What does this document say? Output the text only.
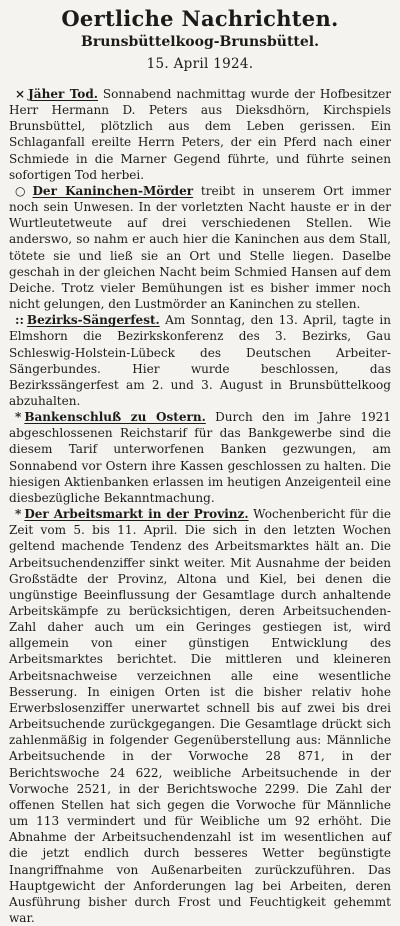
Oertliche Nachrichten.
Brunsbüttelkoog-Brunsbüttel.
15. April 1924.

× Jäher Tod. Sonnabend nachmittag wurde der Hofbesitzer Herr Hermann D. Peters aus Dieksdhörn, Kirchspiels Brunsbüttel, plötzlich aus dem Leben gerissen. Ein Schlaganfall ereilte Herrn Peters, der ein Pferd nach einer Schmiede in die Marner Gegend führte, und führte seinen sofortigen Tod herbei.

○ Der Kaninchen-Mörder treibt in unserem Ort immer noch sein Unwesen. In der vorletzten Nacht hauste er in der Wurtleutetweute auf drei verschiedenen Stellen. Wie anderswo, so nahm er auch hier die Kaninchen aus dem Stall, tötete sie und ließ sie an Ort und Stelle liegen. Daselbe geschah in der gleichen Nacht beim Schmied Hansen auf dem Deiche. Trotz vieler Bemühungen ist es bisher immer noch nicht gelungen, den Lustmörder an Kaninchen zu stellen.

:: Bezirks-Sängerfest. Am Sonntag, den 13. April, tagte in Elmshorn die Bezirkskonferenz des 3. Bezirks, Gau Schleswig-Holstein-Lübeck des Deutschen Arbeiter-Sängerbundes. Hier wurde beschlossen, das Bezirkssängerfest am 2. und 3. August in Brunsbüttelkoog abzuhalten.

* Bankenschluß zu Ostern. Durch den im Jahre 1921 abgeschlossenen Reichstarif für das Bankgewerbe sind die diesem Tarif unterworfenen Banken gezwungen, am Sonnabend vor Ostern ihre Kassen geschlossen zu halten. Die hiesigen Aktienbanken erlassen im heutigen Anzeigenteil eine diesbezügliche Bekanntmachung.

* Der Arbeitsmarkt in der Provinz. Wochenbericht für die Zeit vom 5. bis 11. April. Die sich in den letzten Wochen geltend machende Tendenz des Arbeitsmarktes hält an. Die Arbeitsuchendenziffer sinkt weiter. Mit Ausnahme der beiden Großstädte der Provinz, Altona und Kiel, bei denen die ungünstige Beeinflussung der Gesamtlage durch anhaltende Arbeitskämpfe zu berücksichtigen, deren Arbeitsuchenden-Zahl daher auch um ein Geringes gestiegen ist, wird allgemein von einer günstigen Entwicklung des Arbeitsmarktes berichtet. Die mittleren und kleineren Arbeitsnachweise verzeichnen alle eine wesentliche Besserung. In einigen Orten ist die bisher relativ hohe Erwerbslosenziffer unerwartet schnell bis auf zwei bis drei Arbeitsuchende zurückgegangen. Die Gesamtlage drückt sich zahlenmäßig in folgender Gegenüberstellung aus: Männliche Arbeitsuchende in der Vorwoche 28 871, in der Berichtswoche 24 622, weibliche Arbeitsuchende in der Vorwoche 2521, in der Berichtswoche 2299. Die Zahl der offenen Stellen hat sich gegen die Vorwoche für Männliche um 113 vermindert und für Weibliche um 92 erhöht. Die Abnahme der Arbeitsuchendenzahl ist im wesentlichen auf die jetzt endlich durch besseres Wetter begünstigte Inangriffnahme von Außenarbeiten zurückzuführen. Das Hauptgewicht der Anforderungen lag bei Arbeiten, deren Ausführung bisher durch Frost und Feuchtigkeit gehemmt war.
